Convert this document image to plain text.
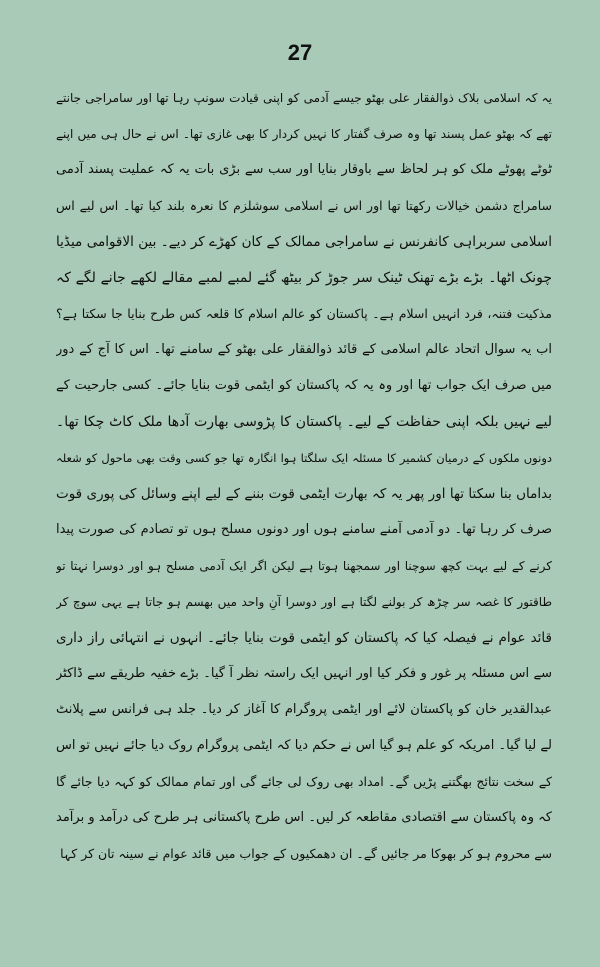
27
یہ کہ اسلامی بلاک ذوالفقار علی بھٹو جیسے آدمی کو اپنی قیادت سونپ رہا تھا اور سامراجی جانتے
تھے کہ بھٹو عمل پسند تھا وہ صرف گفتار کا نہیں کردار کا بھی غازی تھا۔ اس نے حال ہی میں اپنے
ٹوٹے پھوٹے ملک کو ہر لحاظ سے باوقار بنایا اور سب سے بڑی بات یہ کہ عملیت پسند آدمی
سامراج دشمن خیالات رکھتا تھا اور اس نے اسلامی سوشلزم کا نعرہ بلند کیا تھا۔ اس لیے اس
اسلامی سربراہی کانفرنس نے سامراجی ممالک کے کان کھڑے کر دیے۔ بین الاقوامی میڈیا
چونک اٹھا۔ بڑے بڑے تھنک ٹینک سر جوڑ کر بیٹھ گئے لمبے لمبے مقالے لکھے جانے لگے کہ
مذکیت فتنہ، فرد انہیں اسلام ہے۔ پاکستان کو عالم اسلام کا قلعہ کس طرح بنایا جا سکتا ہے؟
اب یہ سوال اتحاد عالم اسلامی کے قائد ذوالفقار علی بھٹو کے سامنے تھا۔ اس کا آج کے دور
میں صرف ایک جواب تھا اور وہ یہ کہ پاکستان کو ایٹمی قوت بنایا جائے۔ کسی جارحیت کے
لیے نہیں بلکہ اپنی حفاظت کے لیے۔ پاکستان کا پڑوسی بھارت آدھا ملک کاٹ چکا تھا۔
دونوں ملکوں کے درمیان کشمیر کا مسئلہ ایک سلگتا ہوا انگارہ تھا جو کسی وقت بھی ماحول کو شعلہ
بداماں بنا سکتا تھا اور پھر یہ کہ بھارت ایٹمی قوت بننے کے لیے اپنے وسائل کی پوری قوت
صرف کر رہا تھا۔ دو آدمی آمنے سامنے ہوں اور دونوں مسلح ہوں تو تصادم کی صورت پیدا
کرنے کے لیے بہت کچھ سوچنا اور سمجھنا ہوتا ہے لیکن اگر ایک آدمی مسلح ہو اور دوسرا نہتا تو
طاقتور کا غصہ سر چڑھ کر بولنے لگتا ہے اور دوسرا آنِ واحد میں بھسم ہو جاتا ہے یہی سوچ کر
قائد عوام نے فیصلہ کیا کہ پاکستان کو ایٹمی قوت بنایا جائے۔ انہوں نے انتہائی راز داری
سے اس مسئلہ پر غور و فکر کیا اور انہیں ایک راستہ نظر آ گیا۔ بڑے خفیہ طریقے سے ڈاکٹر
عبدالقدیر خان کو پاکستان لائے اور ایٹمی پروگرام کا آغاز کر دیا۔ جلد ہی فرانس سے پلانٹ
لے لیا گیا۔ امریکہ کو علم ہو گیا اس نے حکم دیا کہ ایٹمی پروگرام روک دیا جائے نہیں تو اس
کے سخت نتائج بھگتنے پڑیں گے۔ امداد بھی روک لی جائے گی اور تمام ممالک کو کہہ دیا جائے گا
کہ وہ پاکستان سے اقتصادی مقاطعہ کر لیں۔ اس طرح پاکستانی ہر طرح کی درآمد و برآمد
سے محروم ہو کر بھوکا مر جائیں گے۔ ان دھمکیوں کے جواب میں قائد عوام نے سینہ تان کر کہا
